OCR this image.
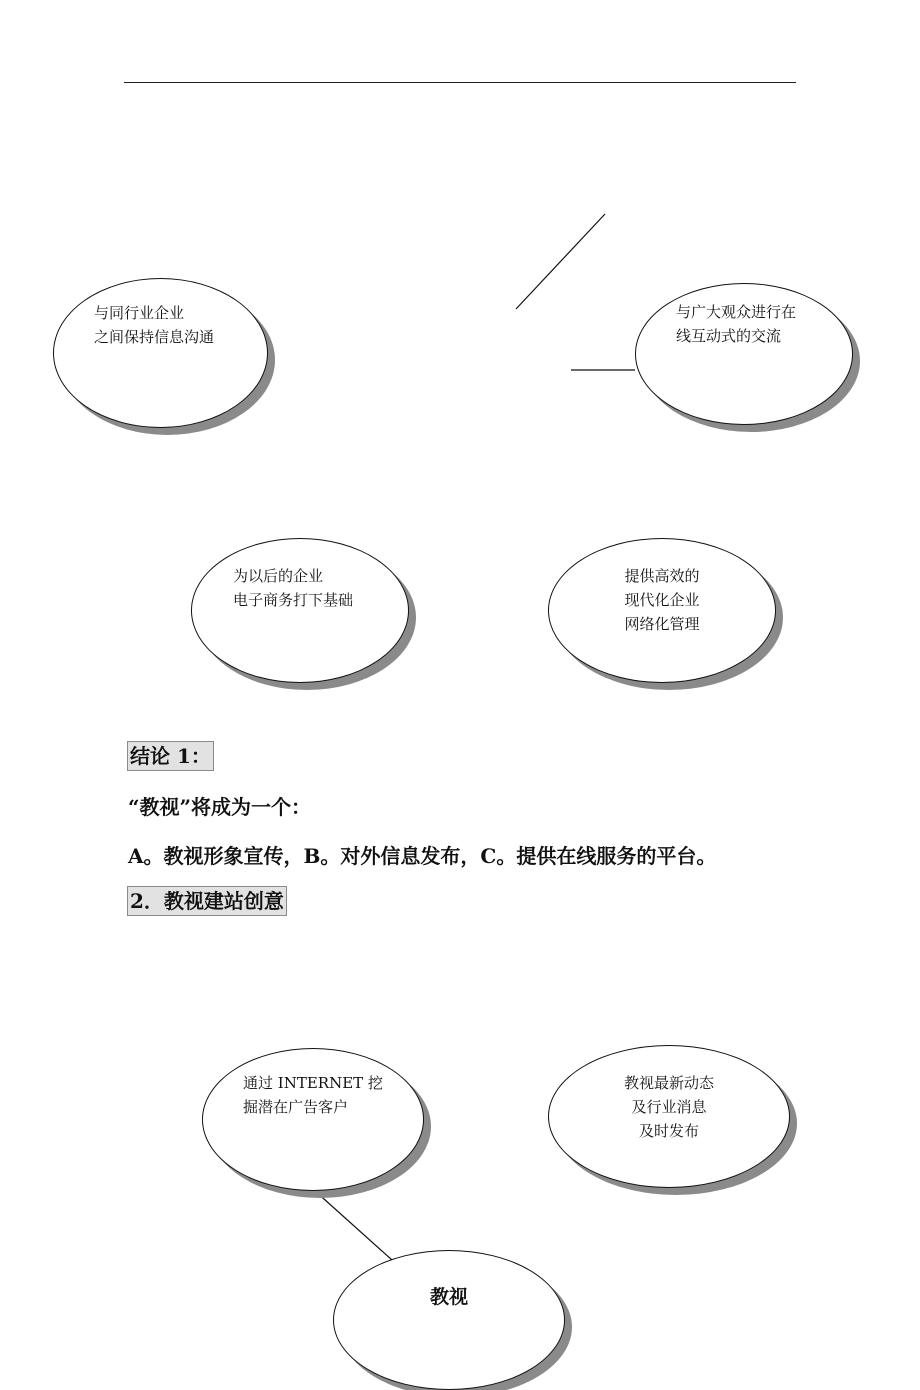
与同行业企业
之间保持信息沟通
与广大观众进行在
线互动式的交流
为以后的企业
电子商务打下基础
提供高效的
现代化企业
网络化管理
结论 1：
“教视”将成为一个：
A。教视形象宣传，B。对外信息发布，C。提供在线服务的平台。
2．教视建站创意
通过 INTERNET 挖
掘潜在广告客户
教视最新动态
及行业消息
及时发布
教视
